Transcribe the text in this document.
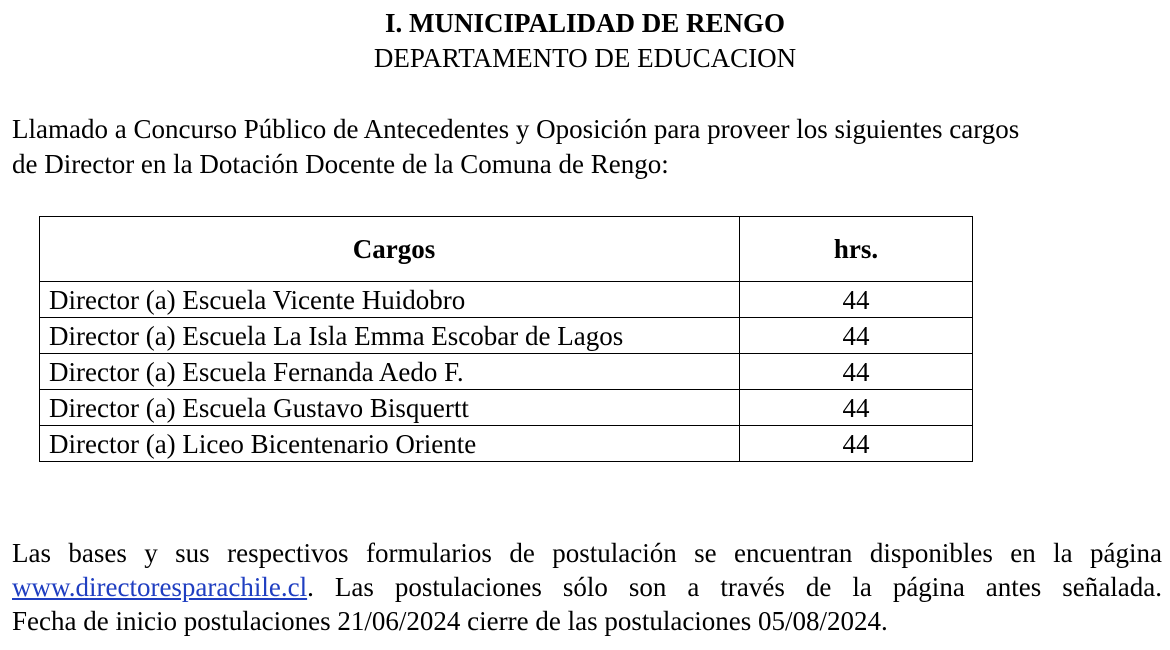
I. MUNICIPALIDAD DE RENGO
DEPARTAMENTO DE EDUCACION
Llamado a Concurso Público de Antecedentes y Oposición para proveer los siguientes cargos
de Director en la Dotación Docente de la Comuna de Rengo:
Cargos	hrs.
Director (a) Escuela Vicente Huidobro	44
Director (a) Escuela La Isla Emma Escobar de Lagos	44
Director (a) Escuela Fernanda Aedo F.	44
Director (a) Escuela Gustavo Bisquertt	44
Director (a) Liceo Bicentenario Oriente	44
Las bases y sus respectivos formularios de postulación se encuentran disponibles en la página
www.directoresparachile.cl. Las postulaciones sólo son a través de la página antes señalada.
Fecha de inicio postulaciones 21/06/2024 cierre de las postulaciones 05/08/2024.
